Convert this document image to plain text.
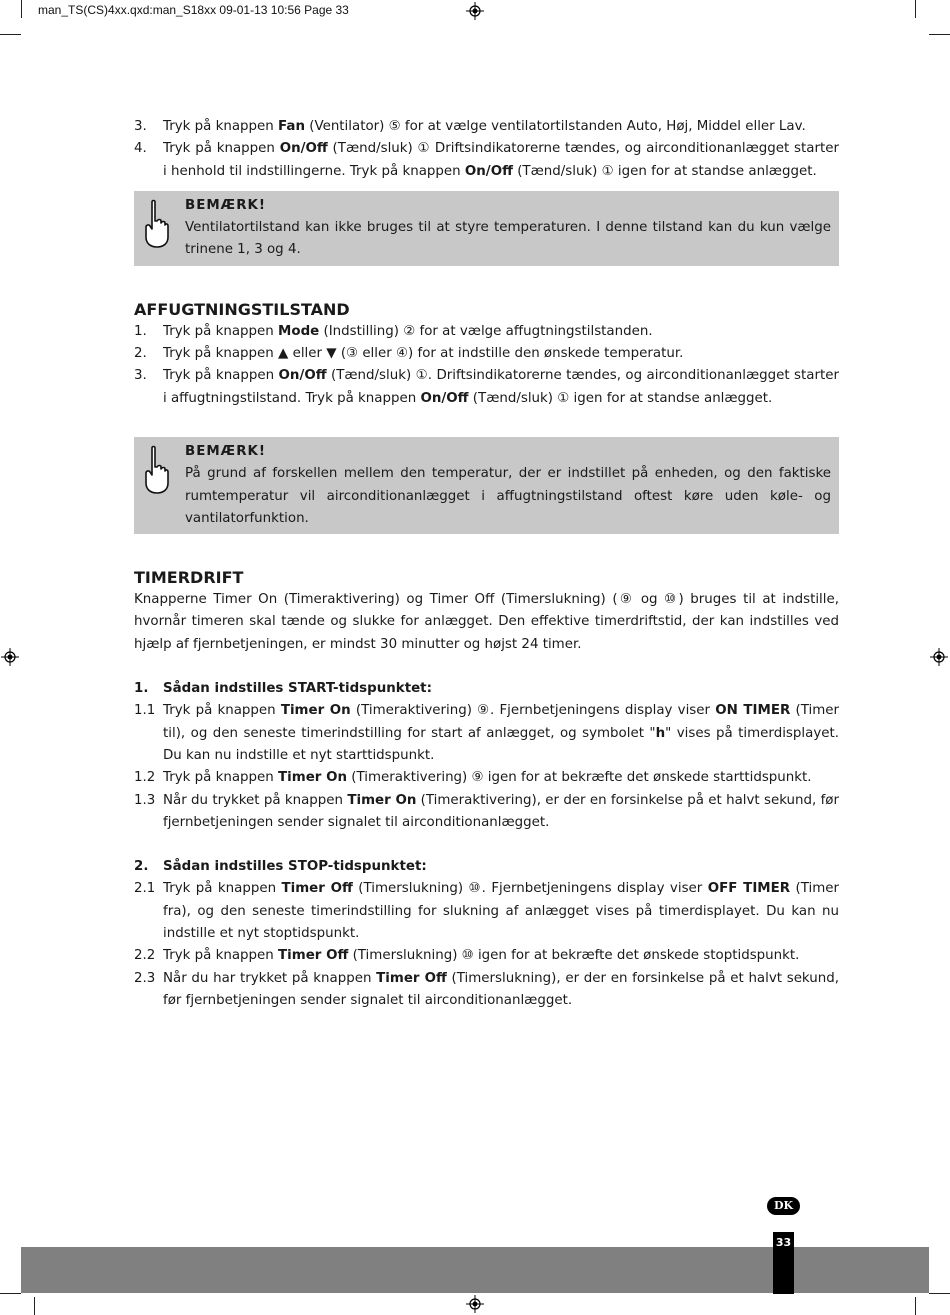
man_TS(CS)4xx.qxd:man_S18xx 09-01-13 10:56 Page 33
3.	Tryk på knappen Fan (Ventilator) ⑤ for at vælge ventilatortilstanden Auto, Høj, Middel eller Lav.
4.	Tryk på knappen On/Off (Tænd/sluk) ① Driftsindikatorerne tændes, og airconditionanlægget starter i henhold til indstillingerne. Tryk på knappen On/Off (Tænd/sluk) ① igen for at standse anlægget.
BEMÆRK!
Ventilatortilstand kan ikke bruges til at styre temperaturen. I denne tilstand kan du kun vælge trinene 1, 3 og 4.
AFFUGTNINGSTILSTAND
1.	Tryk på knappen Mode (Indstilling) ② for at vælge affugtningstilstanden.
2.	Tryk på knappen ▲ eller ▼ (③ eller ④) for at indstille den ønskede temperatur.
3.	Tryk på knappen On/Off (Tænd/sluk) ①. Driftsindikatorerne tændes, og airconditionanlægget starter i affugtningstilstand. Tryk på knappen On/Off (Tænd/sluk) ① igen for at standse anlægget.
BEMÆRK!
På grund af forskellen mellem den temperatur, der er indstillet på enheden, og den faktiske rumtemperatur vil airconditionanlægget i affugtningstilstand oftest køre uden køle- og vantilatorfunktion.
TIMERDRIFT
Knapperne Timer On (Timeraktivering) og Timer Off (Timerslukning) (⑨ og ⑩) bruges til at indstille, hvornår timeren skal tænde og slukke for anlægget. Den effektive timerdriftstid, der kan indstilles ved hjælp af fjernbetjeningen, er mindst 30 minutter og højst 24 timer.
1.	Sådan indstilles START-tidspunktet:
1.1 Tryk på knappen Timer On (Timeraktivering) ⑨. Fjernbetjeningens display viser ON TIMER (Timer til), og den seneste timerindstilling for start af anlægget, og symbolet "h" vises på timerdisplayet. Du kan nu indstille et nyt starttidspunkt.
1.2 Tryk på knappen Timer On (Timeraktivering) ⑨ igen for at bekræfte det ønskede starttidspunkt.
1.3 Når du trykket på knappen Timer On (Timeraktivering), er der en forsinkelse på et halvt sekund, før fjernbetjeningen sender signalet til airconditionanlægget.
2.	Sådan indstilles STOP-tidspunktet:
2.1 Tryk på knappen Timer Off (Timerslukning) ⑩. Fjernbetjeningens display viser OFF TIMER (Timer fra), og den seneste timerindstilling for slukning af anlægget vises på timerdisplayet. Du kan nu indstille et nyt stoptidspunkt.
2.2 Tryk på knappen Timer Off (Timerslukning) ⑩ igen for at bekræfte det ønskede stoptidspunkt.
2.3 Når du har trykket på knappen Timer Off (Timerslukning), er der en forsinkelse på et halvt sekund, før fjernbetjeningen sender signalet til airconditionanlægget.
DK
33
